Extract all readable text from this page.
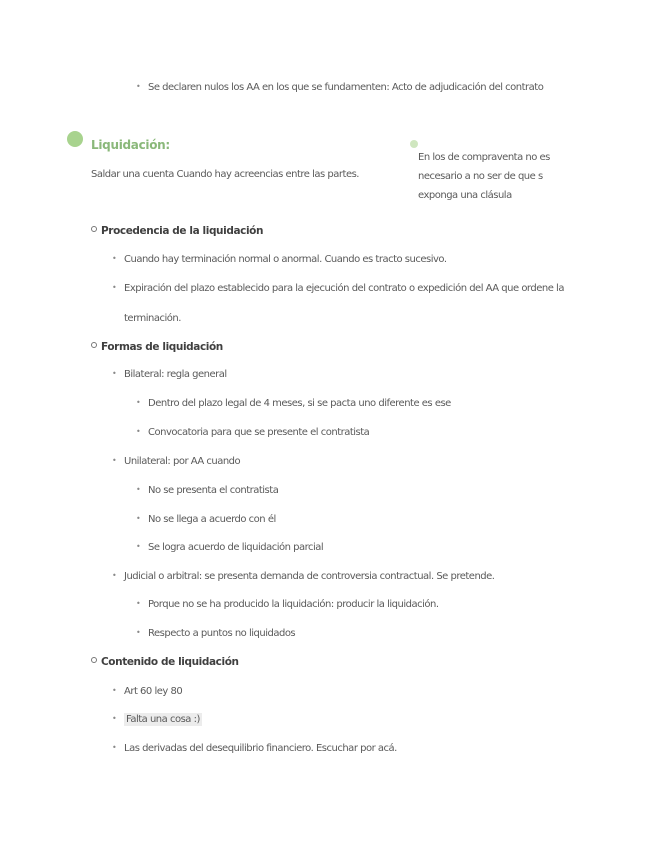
• Se declaren nulos los AA en los que se fundamenten: Acto de adjudicación del contrato
Liquidación:
Saldar una cuenta Cuando hay acreencias entre las partes.
En los de compraventa no es
necesario a no ser de que s
exponga una clásula
Procedencia de la liquidación
• Cuando hay terminación normal o anormal. Cuando es tracto sucesivo.
• Expiración del plazo establecido para la ejecución del contrato o expedición del AA que ordene la
terminación.
Formas de liquidación
• Bilateral: regla general
• Dentro del plazo legal de 4 meses, si se pacta uno diferente es ese
• Convocatoria para que se presente el contratista
• Unilateral: por AA cuando
• No se presenta el contratista
• No se llega a acuerdo con él
• Se logra acuerdo de liquidación parcial
• Judicial o arbitral: se presenta demanda de controversia contractual. Se pretende.
• Porque no se ha producido la liquidación: producir la liquidación.
• Respecto a puntos no liquidados
Contenido de liquidación
• Art 60 ley 80
• Falta una cosa :)
• Las derivadas del desequilibrio financiero. Escuchar por acá.
